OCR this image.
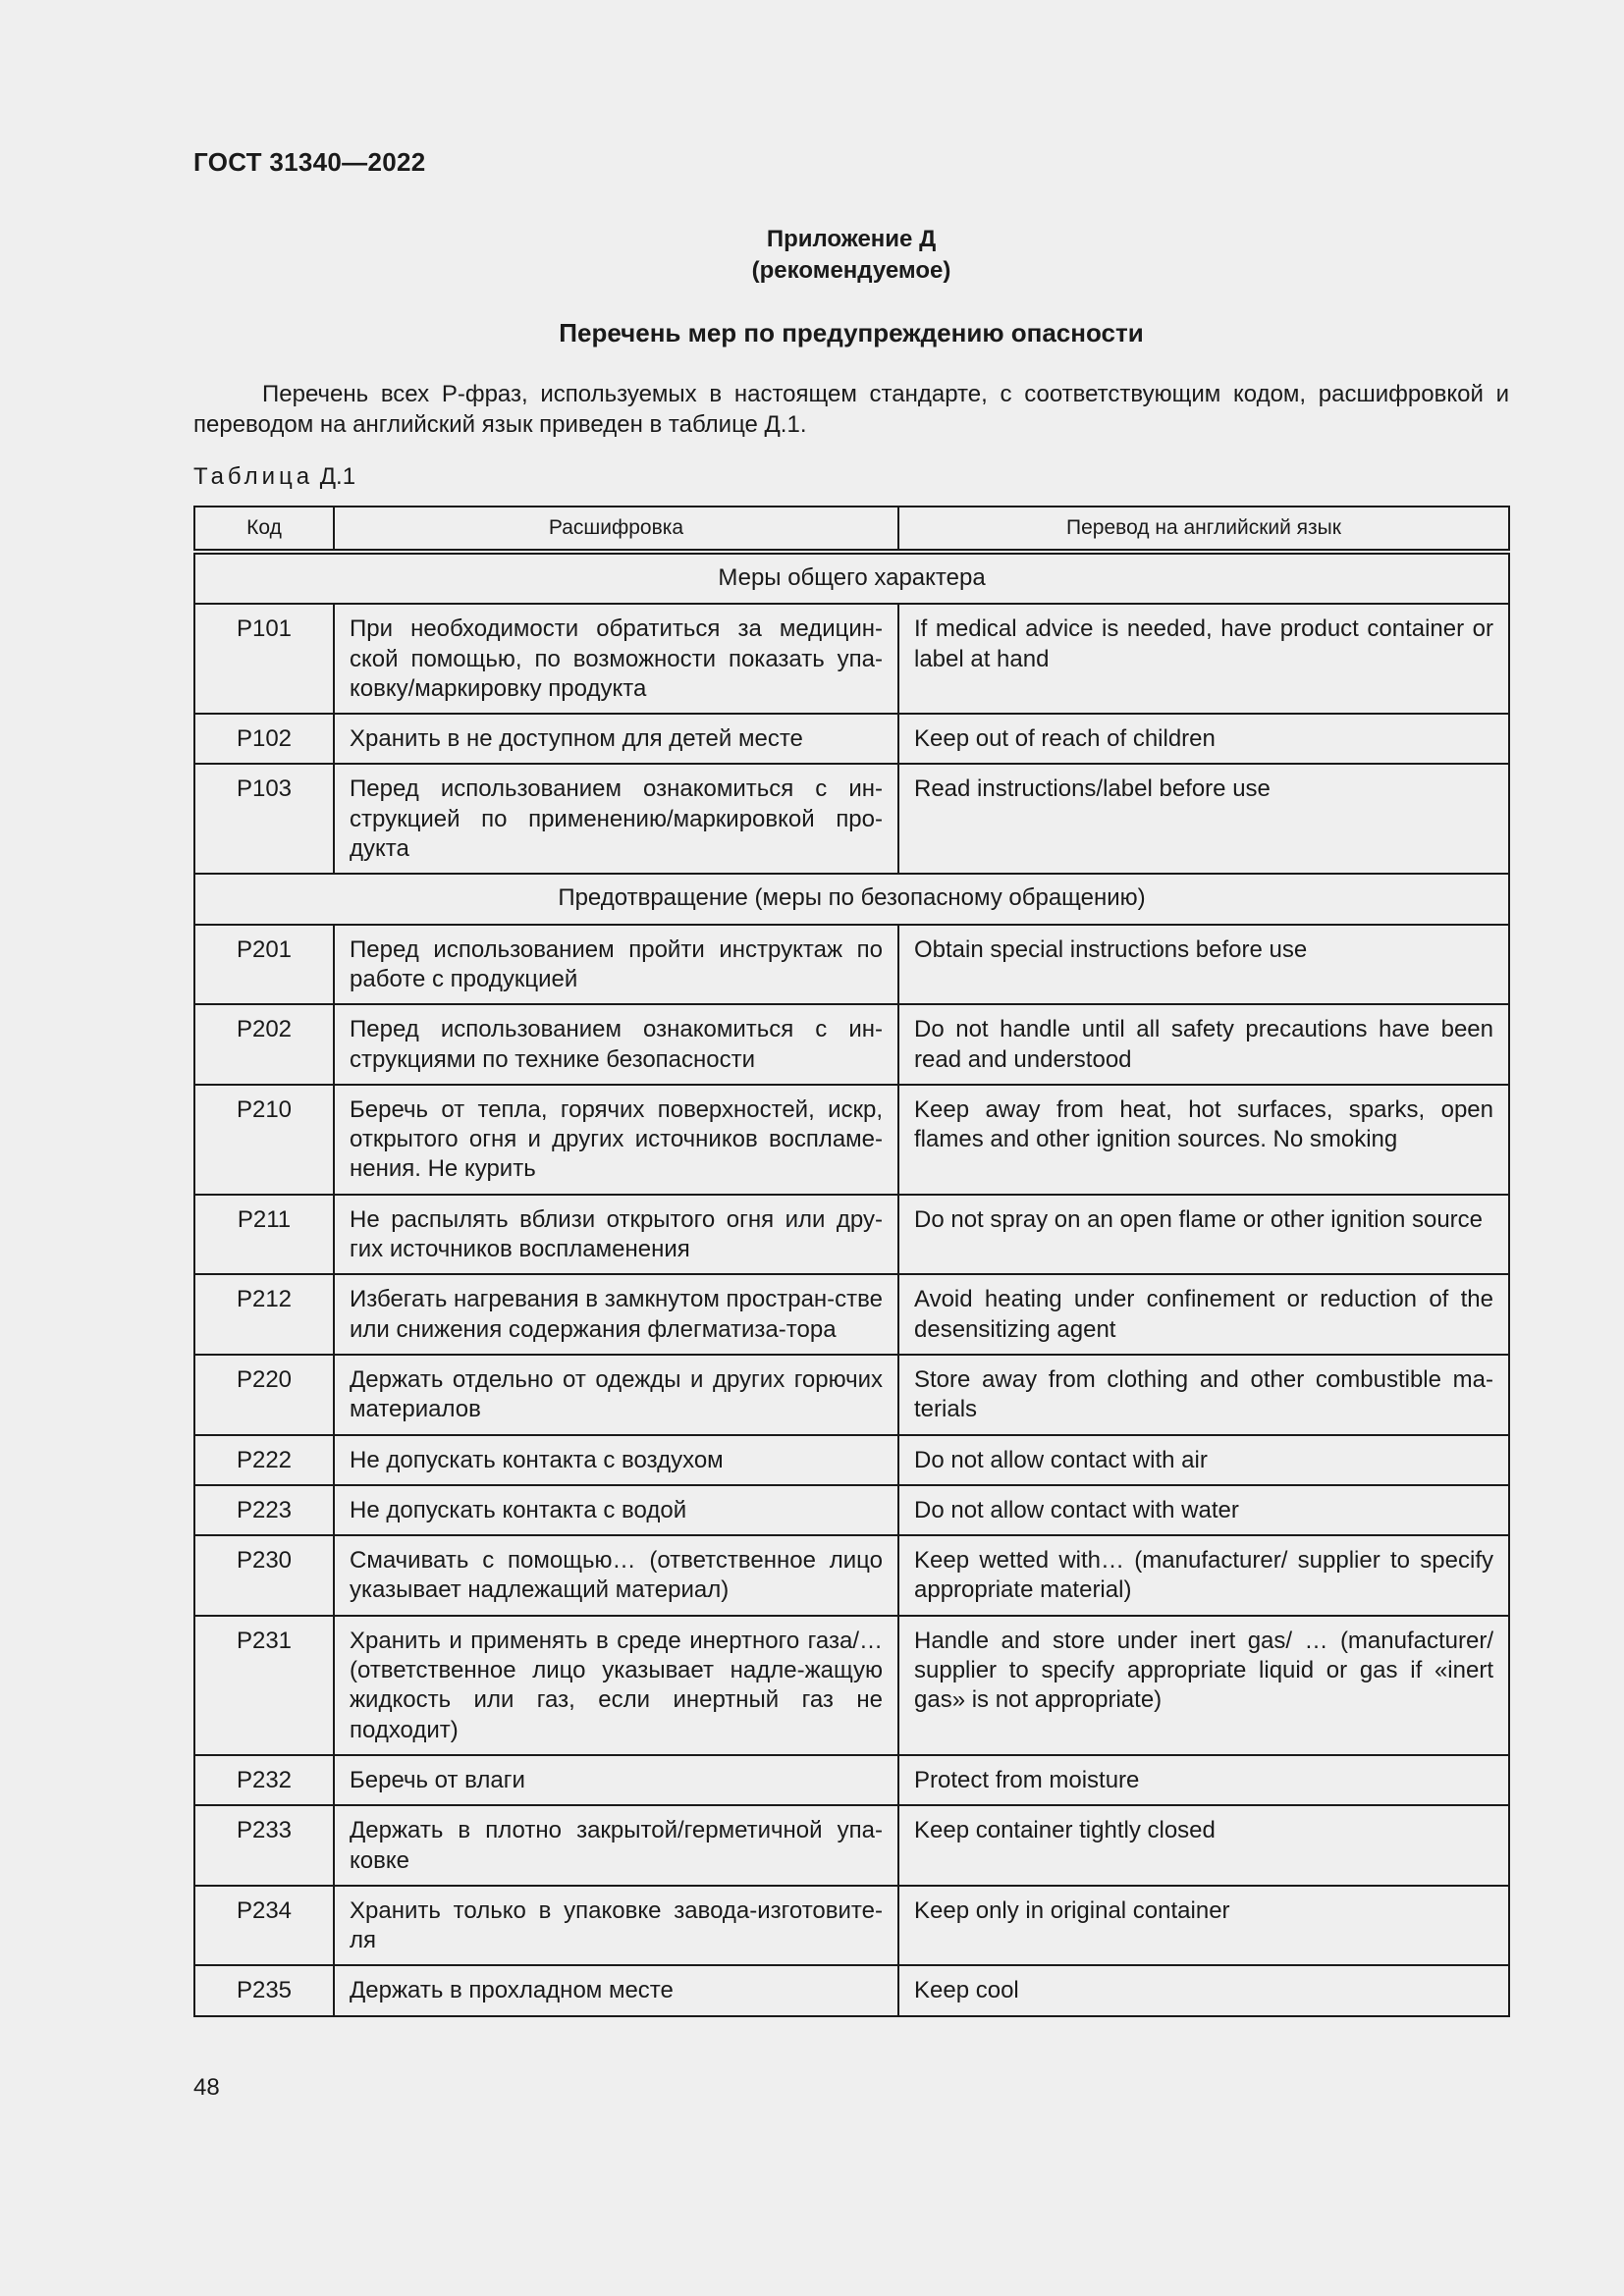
ГОСТ 31340—2022
Приложение Д
(рекомендуемое)
Перечень мер по предупреждению опасности
Перечень всех Р-фраз, используемых в настоящем стандарте, с соответствующим кодом, расшифровкой и переводом на английский язык приведен в таблице Д.1.
Таблица Д.1
Код	Расшифровка	Перевод на английский язык
Меры общего характера		
Р101	При необходимости обратиться за медицин-ской помощью, по возможности показать упа-ковку/маркировку продукта	If medical advice is needed, have product container or label at hand
Р102	Хранить в не доступном для детей месте	Keep out of reach of children
Р103	Перед использованием ознакомиться с ин-струкцией по применению/маркировкой про-дукта	Read instructions/label before use
Предотвращение (меры по безопасному обращению)		
Р201	Перед использованием пройти инструктаж по работе с продукцией	Obtain special instructions before use
Р202	Перед использованием ознакомиться с ин-струкциями по технике безопасности	Do not handle until all safety precautions have been read and understood
Р210	Беречь от тепла, горячих поверхностей, искр, открытого огня и других источников воспламе-нения. Не курить	Keep away from heat, hot surfaces, sparks, open flames and other ignition sources. No smoking
Р211	Не распылять вблизи открытого огня или дру-гих источников воспламенения	Do not spray on an open flame or other ignition source
Р212	Избегать нагревания в замкнутом простран-стве или снижения содержания флегматиза-тора	Avoid heating under confinement or reduction of the desensitizing agent
Р220	Держать отдельно от одежды и других горючих материалов	Store away from clothing and other combustible ma-terials
Р222	Не допускать контакта с воздухом	Do not allow contact with air
Р223	Не допускать контакта с водой	Do not allow contact with water
Р230	Смачивать с помощью… (ответственное лицо указывает надлежащий материал)	Keep wetted with… (manufacturer/ supplier to specify appropriate material)
Р231	Хранить и применять в среде инертного газа/… (ответственное лицо указывает надле-жащую жидкость или газ, если инертный газ не подходит)	Handle and store under inert gas/ … (manufacturer/ supplier to specify appropriate liquid or gas if «inert gas» is not appropriate)
Р232	Беречь от влаги	Protect from moisture
Р233	Держать в плотно закрытой/герметичной упа-ковке	Keep container tightly closed
Р234	Хранить только в упаковке завода-изготовите-ля	Keep only in original container
Р235	Держать в прохладном месте	Keep cool
48
